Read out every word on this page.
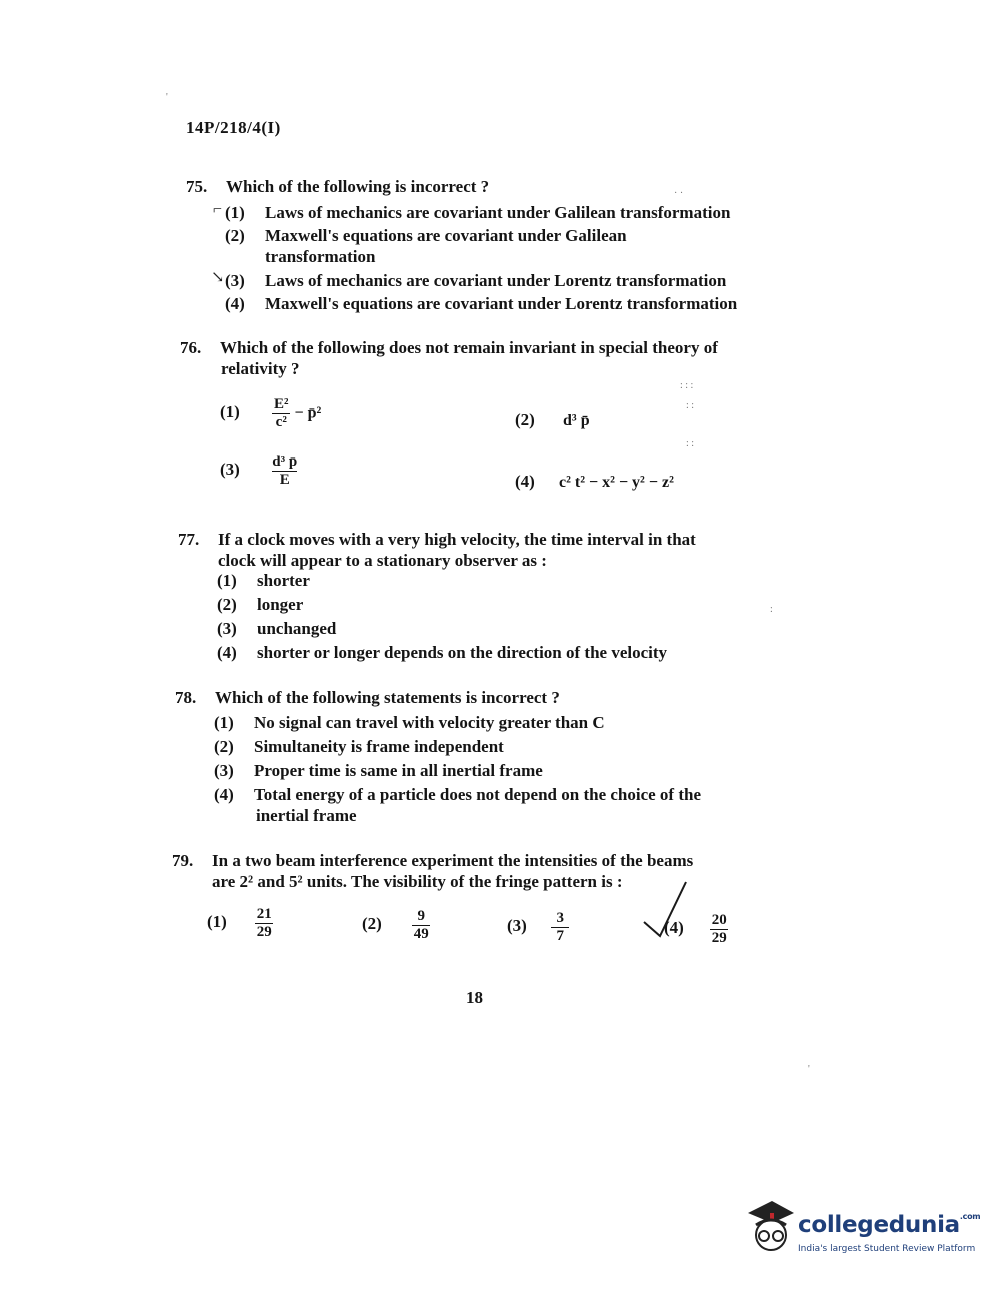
14P/218/4(I)
75. Which of the following is incorrect ?
⌐ (1) Laws of mechanics are covariant under Galilean transformation
(2) Maxwell's equations are covariant under Galilean
transformation
↘ (3) Laws of mechanics are covariant under Lorentz transformation
(4) Maxwell's equations are covariant under Lorentz transformation
76. Which of the following does not remain invariant in special theory of
relativity ?
$(1) \frac{\text{E²}}{\text{c²}}$ − p̄²	(2) d³ p̄
$(3) \frac{\text{d³ p̄}}{E}$	(4) c² t² − x² − y² − z²
77. If a clock moves with a very high velocity, the time interval in that
clock will appear to a stationary observer as :
(1) shorter
(2) longer
(3) unchanged
(4) shorter or longer depends on the direction of the velocity
78. Which of the following statements is incorrect ?
(1) No signal can travel with velocity greater than C
(2) Simultaneity is frame independent
(3) Proper time is same in all inertial frame
(4) Total energy of a particle does not depend on the choice of the
inertial frame
79. In a two beam interference experiment the intensities of the beams
are 2² and 5² units. The visibility of the fringe pattern is :
$(1) \frac{21}{29}$	$(2) \frac{9}{49}$	$(3) \frac{3}{7}$	$(4) \frac{20}{29}$
18
'
· ·
: : :
: :
: :
:
'
collegedunia$^{.com}$
India's largest Student Review Platform
